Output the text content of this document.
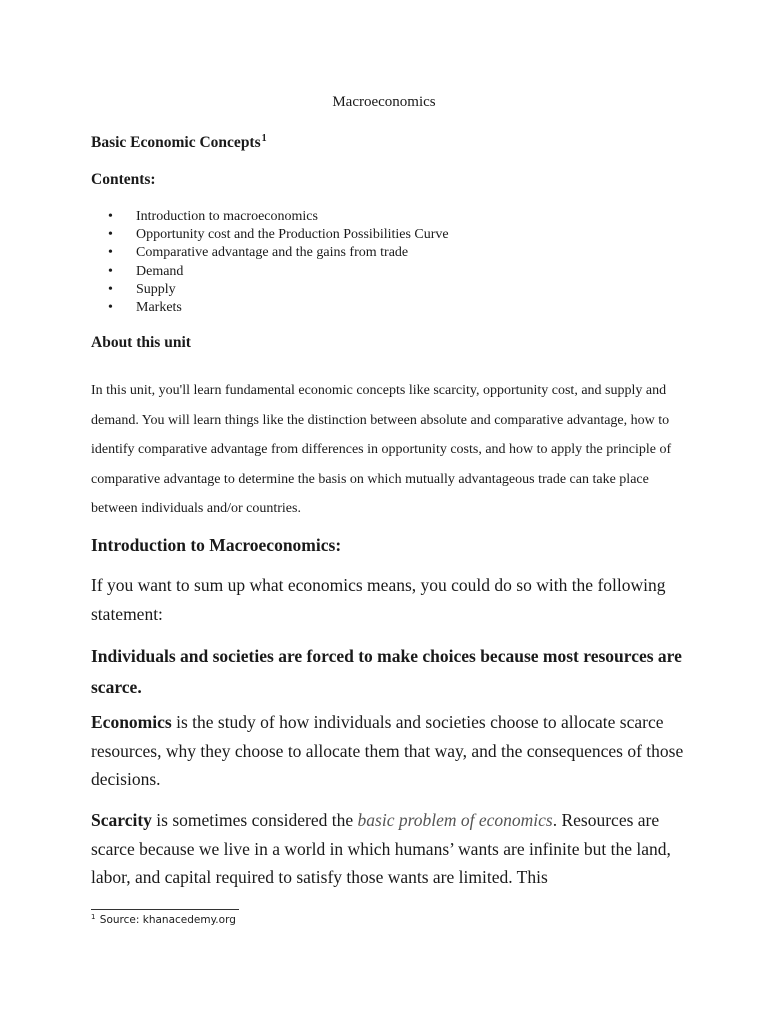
Macroeconomics
Basic Economic Concepts$^1$
Contents:
• Introduction to macroeconomics
• Opportunity cost and the Production Possibilities Curve
• Comparative advantage and the gains from trade
• Demand
• Supply
• Markets
About this unit

In this unit, you'll learn fundamental economic concepts like scarcity, opportunity cost, and supply and demand. You will learn things like the distinction between absolute and comparative advantage, how to identify comparative advantage from differences in opportunity costs, and how to apply the principle of comparative advantage to determine the basis on which mutually advantageous trade can take place between individuals and/or countries.

Introduction to Macroeconomics:

If you want to sum up what economics means, you could do so with the following statement:

Individuals and societies are forced to make choices because most resources are scarce.

Economics is the study of how individuals and societies choose to allocate scarce resources, why they choose to allocate them that way, and the consequences of those decisions.

Scarcity is sometimes considered the basic problem of economics. Resources are scarce because we live in a world in which humans’ wants are infinite but the land, labor, and capital required to satisfy those wants are limited. This

$^1$ Source: khanacedemy.org
